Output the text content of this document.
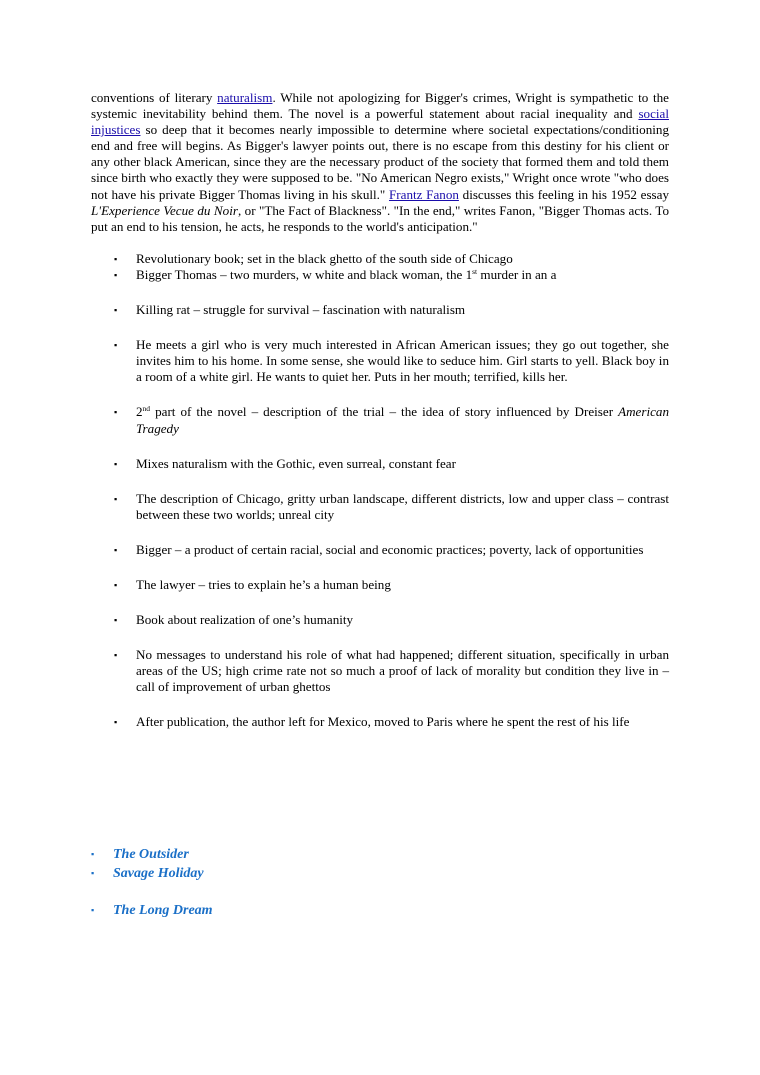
conventions of literary naturalism. While not apologizing for Bigger's crimes, Wright is sympathetic to the systemic inevitability behind them. The novel is a powerful statement about racial inequality and social injustices so deep that it becomes nearly impossible to determine where societal expectations/conditioning end and free will begins. As Bigger's lawyer points out, there is no escape from this destiny for his client or any other black American, since they are the necessary product of the society that formed them and told them since birth who exactly they were supposed to be. "No American Negro exists," Wright once wrote "who does not have his private Bigger Thomas living in his skull." Frantz Fanon discusses this feeling in his 1952 essay L'Experience Vecue du Noir, or "The Fact of Blackness". "In the end," writes Fanon, "Bigger Thomas acts. To put an end to his tension, he acts, he responds to the world's anticipation."

▪ Revolutionary book; set in the black ghetto of the south side of Chicago
▪ Bigger Thomas – two murders, w white and black woman, the 1st murder in an a
▪ Killing rat – struggle for survival – fascination with naturalism
▪ He meets a girl who is very much interested in African American issues; they go out together, she invites him to his home. In some sense, she would like to seduce him. Girl starts to yell. Black boy in a room of a white girl. He wants to quiet her. Puts in her mouth; terrified, kills her.
▪ 2nd part of the novel – description of the trial – the idea of story influenced by Dreiser American Tragedy
▪ Mixes naturalism with the Gothic, even surreal, constant fear
▪ The description of Chicago, gritty urban landscape, different districts, low and upper class – contrast between these two worlds; unreal city
▪ Bigger – a product of certain racial, social and economic practices; poverty, lack of opportunities
▪ The lawyer – tries to explain he’s a human being
▪ Book about realization of one’s humanity
▪ No messages to understand his role of what had happened; different situation, specifically in urban areas of the US; high crime rate not so much a proof of lack of morality but condition they live in – call of improvement of urban ghettos
▪ After publication, the author left for Mexico, moved to Paris where he spent the rest of his life
▪ The Outsider
▪ Savage Holiday
▪ The Long Dream
